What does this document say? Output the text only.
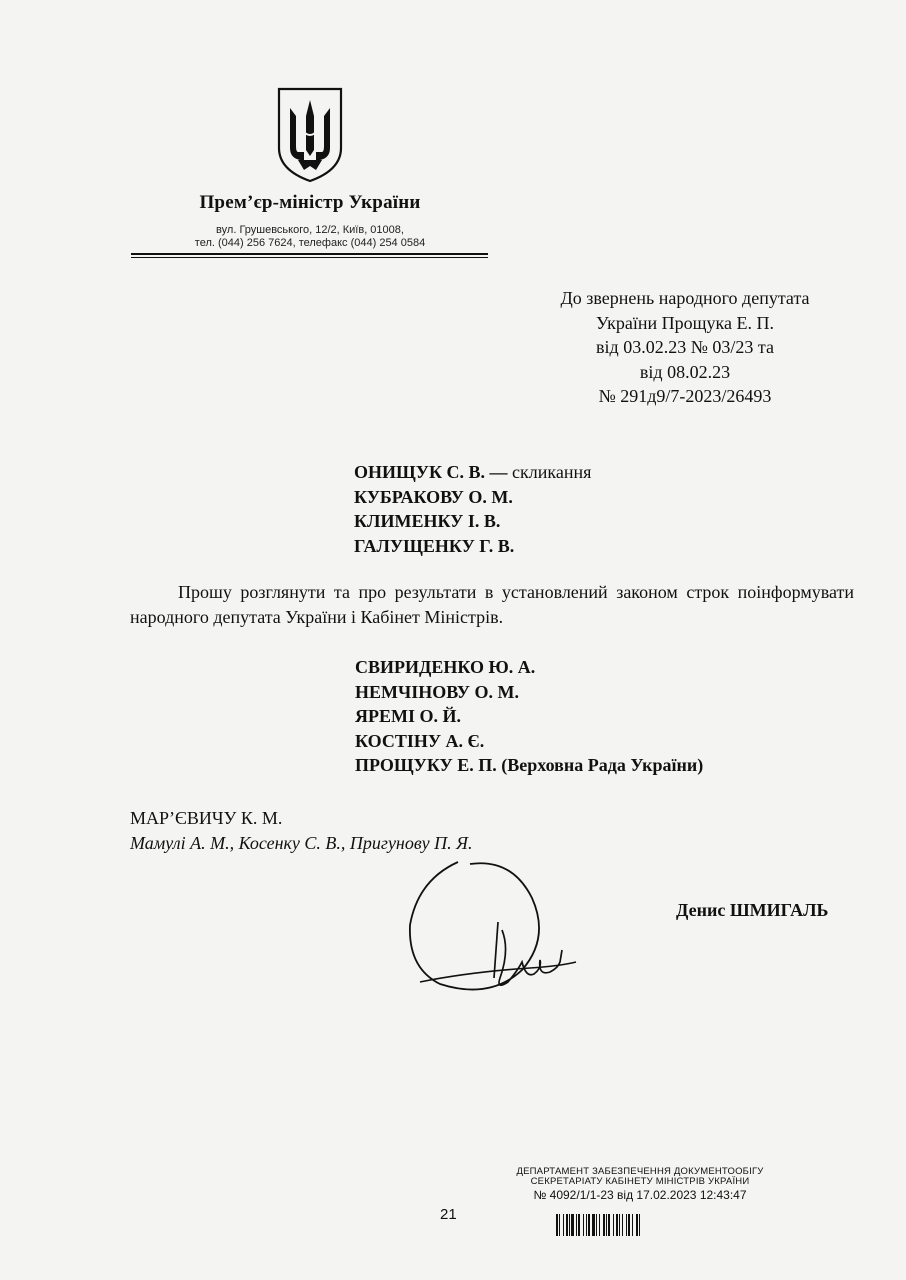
Прем’єр-міністр України
вул. Грушевського, 12/2, Київ, 01008,
тел. (044) 256 7624, телефакс (044) 254 0584
До звернень народного депутата
України Прощука Е. П.
від 03.02.23 № 03/23 та
від 08.02.23
№ 291д9/7-2023/26493
ОНИЩУК С. В. — скликання
КУБРАКОВУ О. М.
КЛИМЕНКУ І. В.
ГАЛУЩЕНКУ Г. В.
Прошу розглянути та про результати в установлений законом строк поінформувати народного депутата України і Кабінет Міністрів.
СВИРИДЕНКО Ю. А.
НЕМЧІНОВУ О. М.
ЯРЕМІ О. Й.
КОСТІНУ А. Є.
ПРОЩУКУ Е. П. (Верховна Рада України)
МАР’ЄВИЧУ К. М.
Мамулі А. М., Косенку С. В., Пригунову П. Я.
Денис ШМИГАЛЬ
ДЕПАРТАМЕНТ ЗАБЕЗПЕЧЕННЯ ДОКУМЕНТООБІГУ
СЕКРЕТАРІАТУ КАБІНЕТУ МІНІСТРІВ УКРАЇНИ
№ 4092/1/1-23 від 17.02.2023 12:43:47
21
